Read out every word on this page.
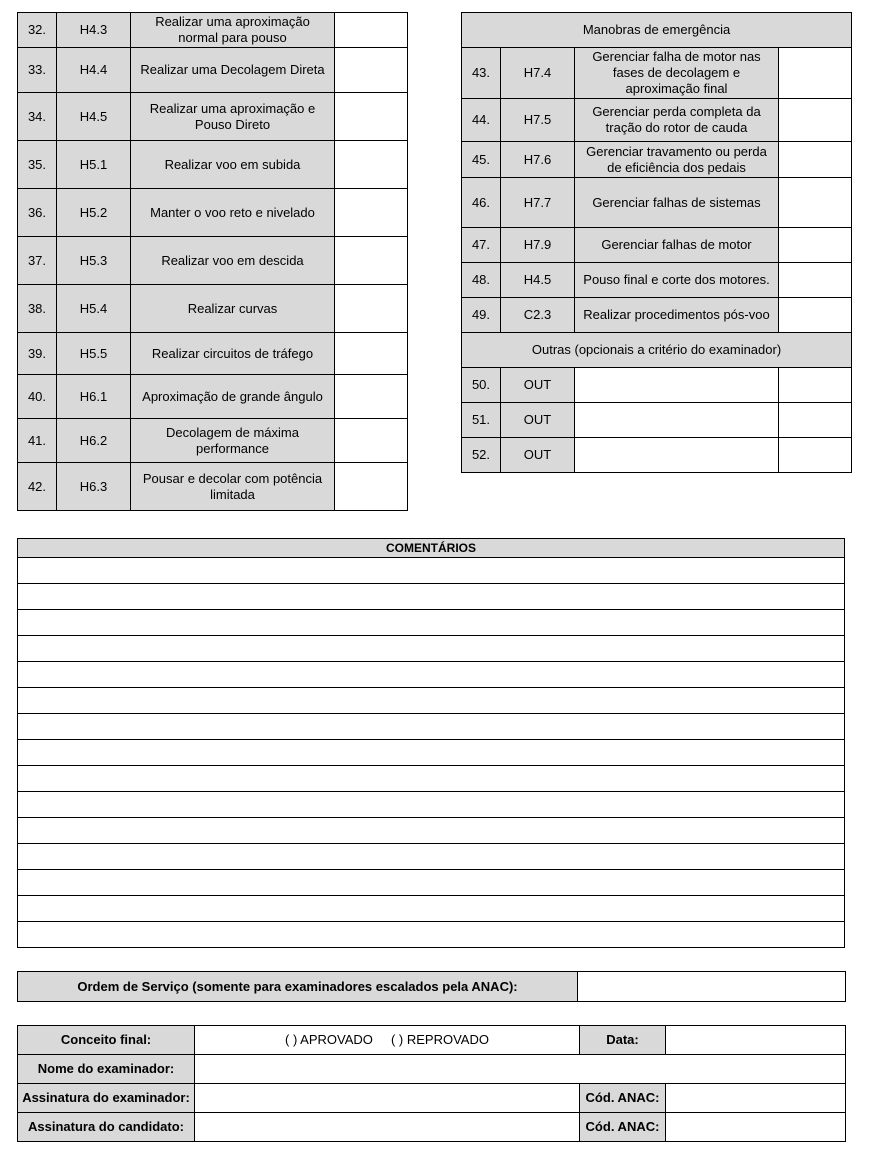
32.	H4.3	Realizar uma aproximação normal para pouso	
33.	H4.4	Realizar uma Decolagem Direta	
34.	H4.5	Realizar uma aproximação e Pouso Direto	
35.	H5.1	Realizar voo em subida	
36.	H5.2	Manter o voo reto e nivelado	
37.	H5.3	Realizar voo em descida	
38.	H5.4	Realizar curvas	
39.	H5.5	Realizar circuitos de tráfego	
40.	H6.1	Aproximação de grande ângulo	
41.	H6.2	Decolagem de máxima performance	
42.	H6.3	Pousar e decolar com potência limitada	
Manobras de emergência			
43.	H7.4	Gerenciar falha de motor nas fases de decolagem e aproximação final	
44.	H7.5	Gerenciar perda completa da tração do rotor de cauda	
45.	H7.6	Gerenciar travamento ou perda de eficiência dos pedais	
46.	H7.7	Gerenciar falhas de sistemas	
47.	H7.9	Gerenciar falhas de motor	
48.	H4.5	Pouso final e corte dos motores.	
49.	C2.3	Realizar procedimentos pós-voo	
Outras (opcionais a critério do examinador)			
50.	OUT		
51.	OUT		
52.	OUT		
COMENTÁRIOS

Ordem de Serviço (somente para examinadores escalados pela ANAC):	
Conceito final:	( ) APROVADO ( ) REPROVADO	Data:	
Nome do examinador:			
Assinatura do examinador:		Cód. ANAC:	
Assinatura do candidato:		Cód. ANAC:	
